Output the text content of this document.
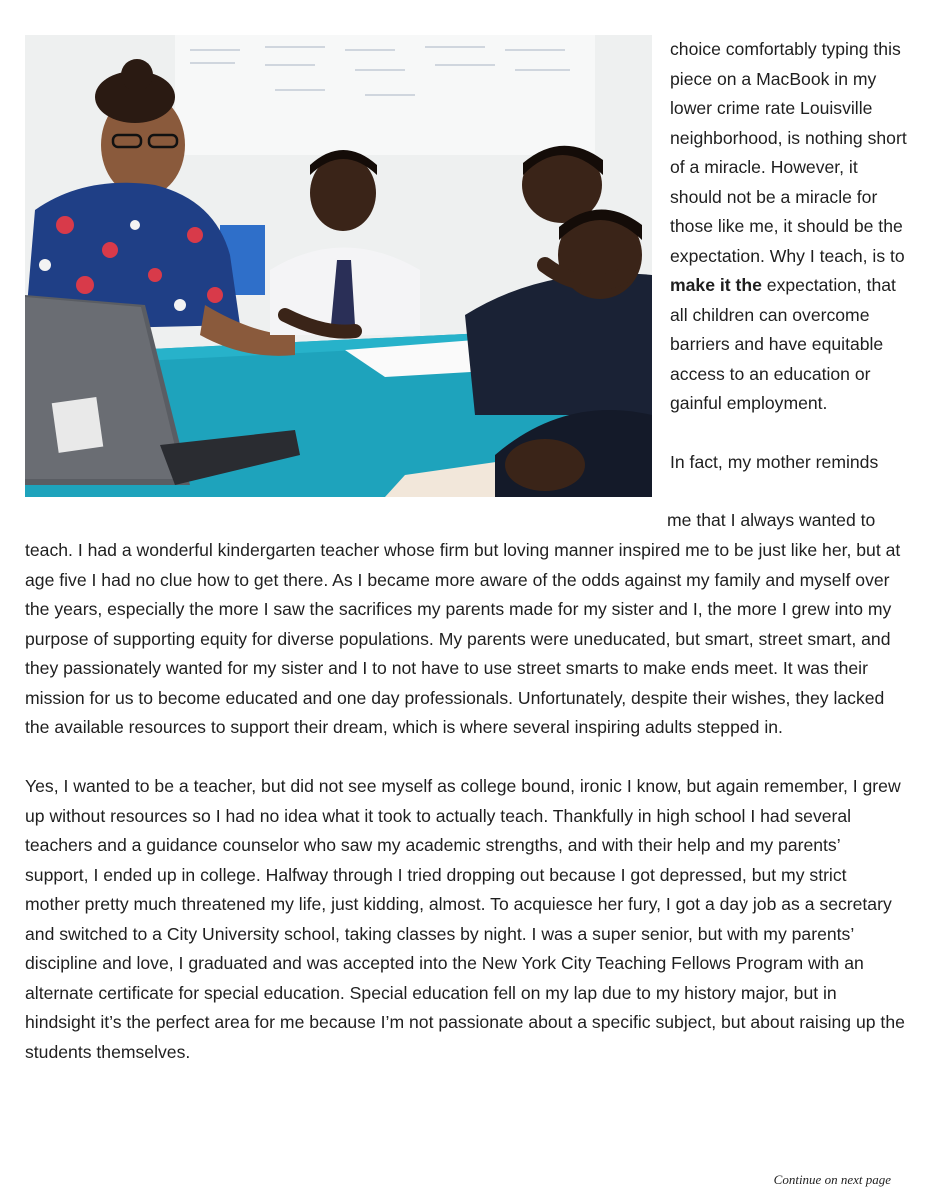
choice comfortably typing this piece on a MacBook in my lower crime rate Louisville neighborhood, is nothing short of a miracle. However, it should not be a miracle for those like me, it should be the expectation. Why I teach, is to make it the expectation, that all children can overcome barriers and have equitable access to an education or gainful employment.

In fact, my mother reminds

me that I always wanted to

teach. I had a wonderful kindergarten teacher whose firm but loving manner inspired me to be just like her, but at age five I had no clue how to get there. As I became more aware of the odds against my family and myself over the years, especially the more I saw the sacrifices my parents made for my sister and I, the more I grew into my purpose of supporting equity for diverse populations. My parents were uneducated, but smart, street smart, and they passionately wanted for my sister and I to not have to use street smarts to make ends meet. It was their mission for us to become educated and one day professionals. Unfortunately, despite their wishes, they lacked the available resources to support their dream, which is where several inspiring adults stepped in.

Yes, I wanted to be a teacher, but did not see myself as college bound, ironic I know, but again remember, I grew up without resources so I had no idea what it took to actually teach. Thankfully in high school I had several teachers and a guidance counselor who saw my academic strengths, and with their help and my parents’ support, I ended up in college. Halfway through I tried dropping out because I got depressed, but my strict mother pretty much threatened my life, just kidding, almost. To acquiesce her fury, I got a day job as a secretary and switched to a City University school, taking classes by night. I was a super senior, but with my parents’ discipline and love, I graduated and was accepted into the New York City Teaching Fellows Program with an alternate certificate for special education. Special education fell on my lap due to my history major, but in hindsight it’s the perfect area for me because I’m not passionate about a specific subject, but about raising up the students themselves.

Continue on next page
